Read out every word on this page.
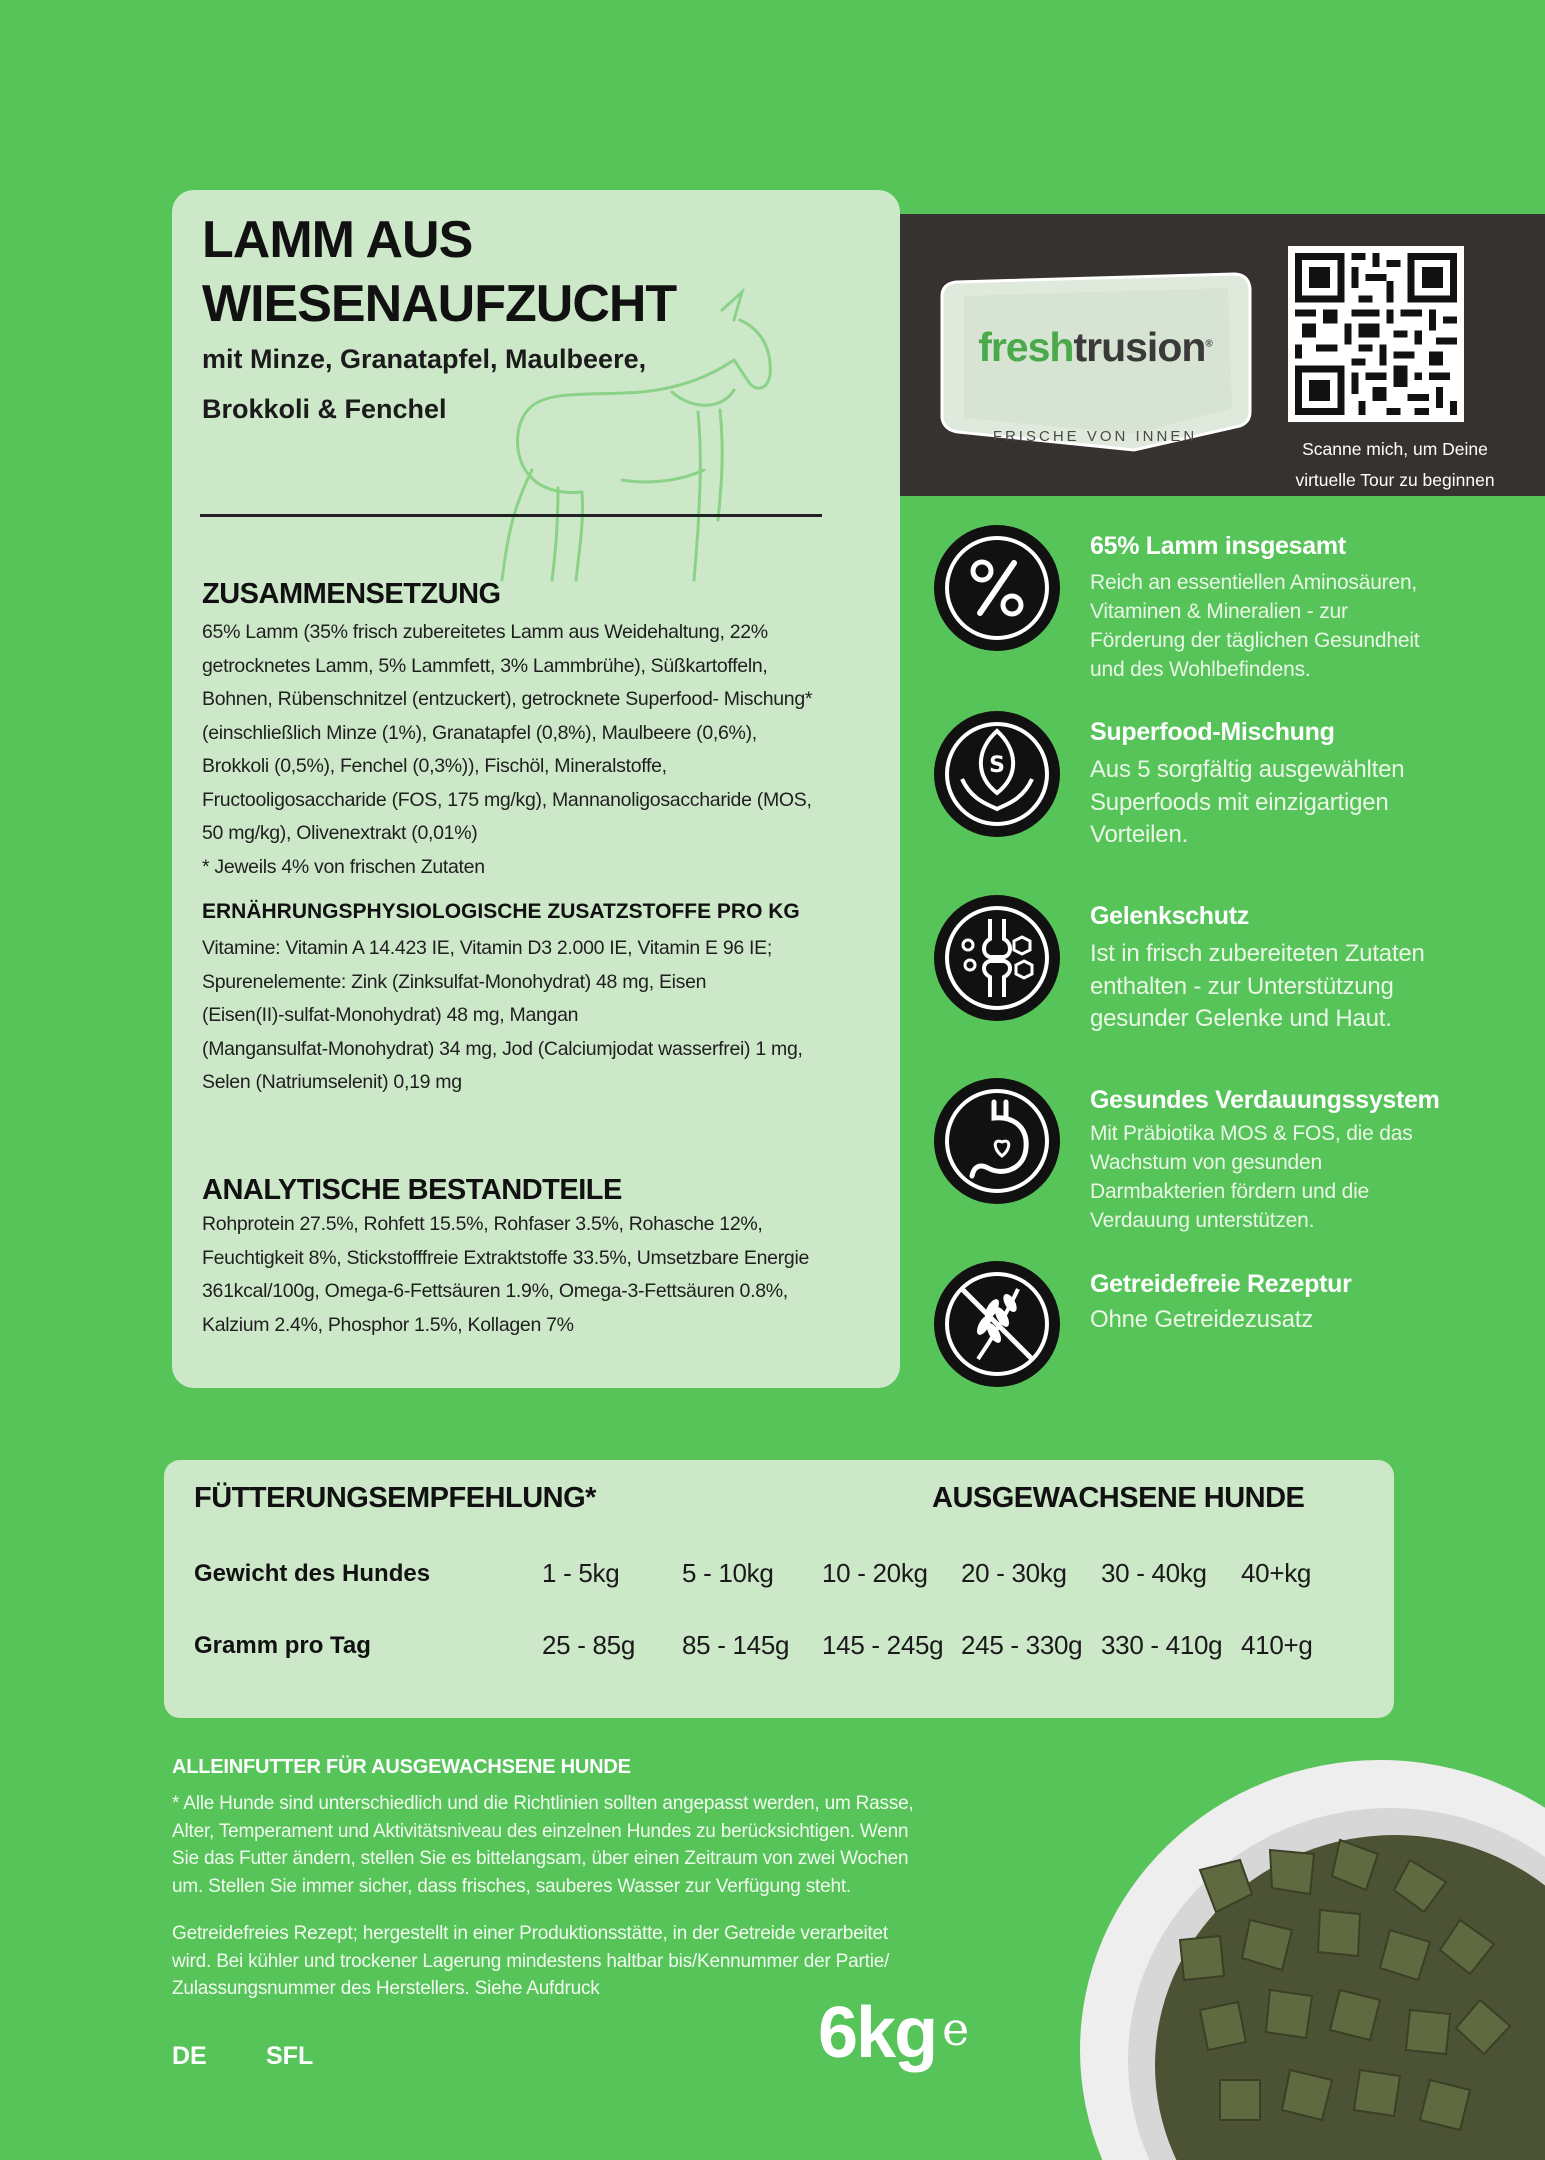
LAMM AUS
WIESENAUFZUCHT
mit Minze, Granatapfel, Maulbeere,
Brokkoli & Fenchel
ZUSAMMENSETZUNG
65% Lamm (35% frisch zubereitetes Lamm aus Weidehaltung, 22%
getrocknetes Lamm, 5% Lammfett, 3% Lammbrühe), Süßkartoffeln,
Bohnen, Rübenschnitzel (entzuckert), getrocknete Superfood- Mischung*
(einschließlich Minze (1%), Granatapfel (0,8%), Maulbeere (0,6%),
Brokkoli (0,5%), Fenchel (0,3%)), Fischöl, Mineralstoffe,
Fructooligosaccharide (FOS, 175 mg/kg), Mannanoligosaccharide (MOS,
50 mg/kg), Olivenextrakt (0,01%)
* Jeweils 4% von frischen Zutaten
ERNÄHRUNGSPHYSIOLOGISCHE ZUSATZSTOFFE PRO KG
Vitamine: Vitamin A 14.423 IE, Vitamin D3 2.000 IE, Vitamin E 96 IE;
Spurenelemente: Zink (Zinksulfat-Monohydrat) 48 mg, Eisen
(Eisen(II)-sulfat-Monohydrat) 48 mg, Mangan
(Mangansulfat-Monohydrat) 34 mg, Jod (Calciumjodat wasserfrei) 1 mg,
Selen (Natriumselenit) 0,19 mg
ANALYTISCHE BESTANDTEILE
Rohprotein 27.5%, Rohfett 15.5%, Rohfaser 3.5%, Rohasche 12%,
Feuchtigkeit 8%, Stickstofffreie Extraktstoffe 33.5%, Umsetzbare Energie
361kcal/100g, Omega-6-Fettsäuren 1.9%, Omega-3-Fettsäuren 0.8%,
Kalzium 2.4%, Phosphor 1.5%, Kollagen 7%
freshtrusion®
FRISCHE VON INNEN
Scanne mich, um Deine
virtuelle Tour zu beginnen
65% Lamm insgesamt
Reich an essentiellen Aminosäuren,
Vitaminen & Mineralien - zur
Förderung der täglichen Gesundheit
und des Wohlbefindens.
S
Superfood-Mischung
Aus 5 sorgfältig ausgewählten
Superfoods mit einzigartigen
Vorteilen.
Gelenkschutz
Ist in frisch zubereiteten Zutaten
enthalten - zur Unterstützung
gesunder Gelenke und Haut.
Gesundes Verdauungssystem
Mit Präbiotika MOS & FOS, die das
Wachstum von gesunden
Darmbakterien fördern und die
Verdauung unterstützen.
Getreidefreie Rezeptur
Ohne Getreidezusatz
FÜTTERUNGSEMPFEHLUNG*	AUSGEWACHSENE HUNDE
Gewicht des Hundes
Gramm pro Tag
1 - 5kg 5 - 10kg 10 - 20kg 20 - 30kg 30 - 40kg 40+kg
25 - 85g 85 - 145g 145 - 245g 245 - 330g 330 - 410g 410+g
ALLEINFUTTER FÜR AUSGEWACHSENE HUNDE
* Alle Hunde sind unterschiedlich und die Richtlinien sollten angepasst werden, um Rasse,
Alter, Temperament und Aktivitätsniveau des einzelnen Hundes zu berücksichtigen. Wenn
Sie das Futter ändern, stellen Sie es bittelangsam, über einen Zeitraum von zwei Wochen
um. Stellen Sie immer sicher, dass frisches, sauberes Wasser zur Verfügung steht.
Getreidefreies Rezept; hergestellt in einer Produktionsstätte, in der Getreide verarbeitet
wird. Bei kühler und trockener Lagerung mindestens haltbar bis/Kennummer der Partie/
Zulassungsnummer des Herstellers. Siehe Aufdruck
DE SFL	6kg e
